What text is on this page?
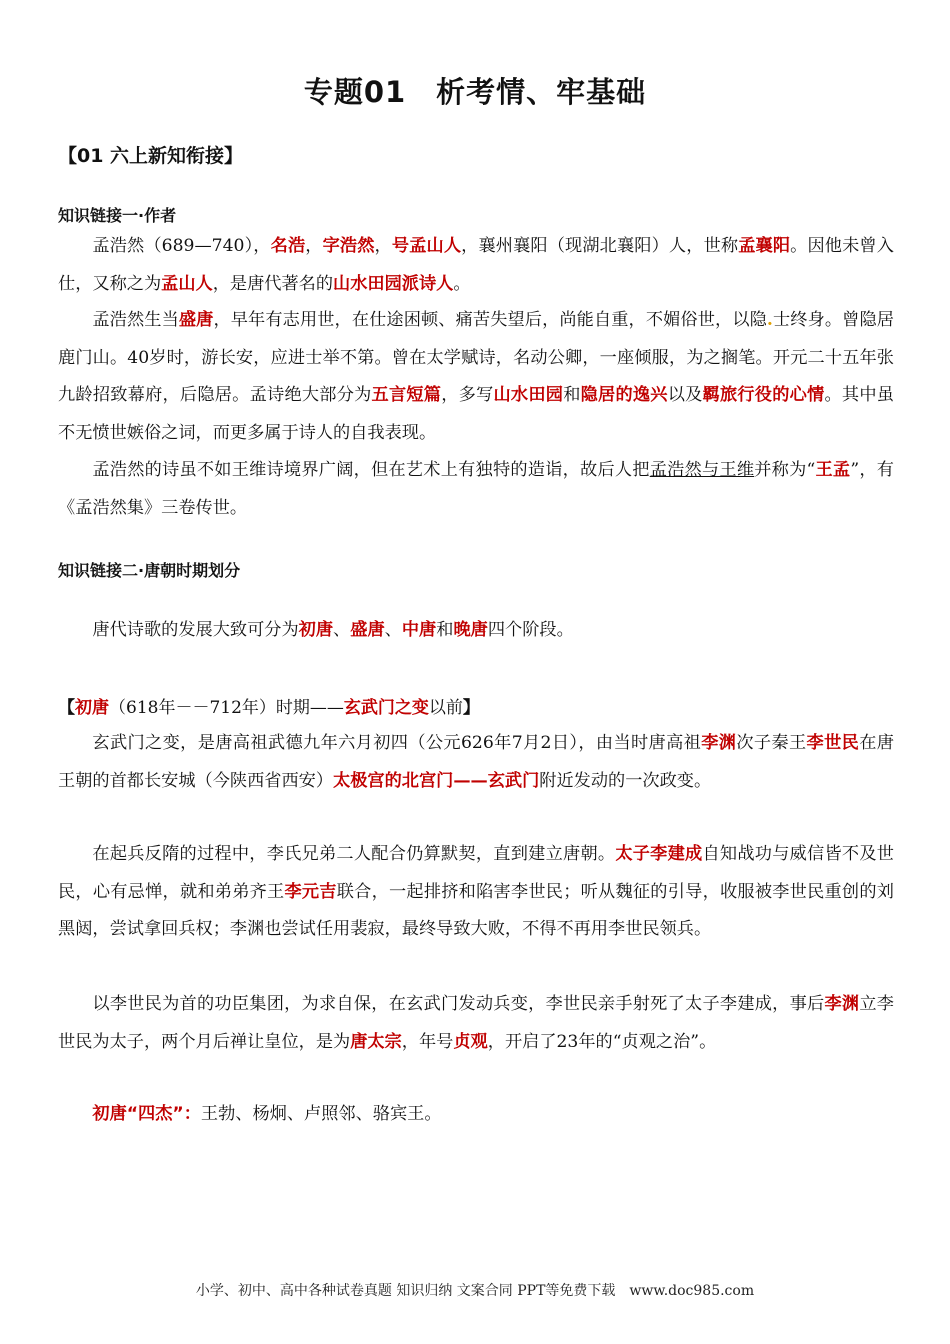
专题01　析考情、牢基础
【01 六上新知衔接】
知识链接一·作者

孟浩然（689—740），名浩，字浩然，号孟山人，襄州襄阳（现湖北襄阳）人，世称孟襄阳。因他未曾入仕，又称之为孟山人，是唐代著名的山水田园派诗人。

孟浩然生当盛唐，早年有志用世，在仕途困顿、痛苦失望后，尚能自重，不媚俗世，以隐.士终身。曾隐居鹿门山。40岁时，游长安，应进士举不第。曾在太学赋诗，名动公卿，一座倾服，为之搁笔。开元二十五年张九龄招致幕府，后隐居。孟诗绝大部分为五言短篇，多写山水田园和隐居的逸兴以及羁旅行役的心情。其中虽不无愤世嫉俗之词，而更多属于诗人的自我表现。

孟浩然的诗虽不如王维诗境界广阔，但在艺术上有独特的造诣，故后人把孟浩然与王维并称为“王孟”，有《孟浩然集》三卷传世。

知识链接二·唐朝时期划分

唐代诗歌的发展大致可分为初唐、盛唐、中唐和晚唐四个阶段。

【初唐（618年－－712年）时期——玄武门之变以前】

玄武门之变，是唐高祖武德九年六月初四（公元626年7月2日），由当时唐高祖李渊次子秦王李世民在唐王朝的首都长安城（今陕西省西安）太极宫的北宫门——玄武门附近发动的一次政变。

在起兵反隋的过程中，李氏兄弟二人配合仍算默契，直到建立唐朝。太子李建成自知战功与威信皆不及世民，心有忌惮，就和弟弟齐王李元吉联合，一起排挤和陷害李世民；听从魏征的引导，收服被李世民重创的刘黑闼，尝试拿回兵权；李渊也尝试任用裴寂，最终导致大败，不得不再用李世民领兵。

以李世民为首的功臣集团，为求自保，在玄武门发动兵变，李世民亲手射死了太子李建成，事后李渊立李世民为太子，两个月后禅让皇位，是为唐太宗，年号贞观，开启了23年的“贞观之治”。

初唐“四杰”：王勃、杨炯、卢照邻、骆宾王。

小学、初中、高中各种试卷真题 知识归纳 文案合同 PPT等免费下载　www.doc985.com
